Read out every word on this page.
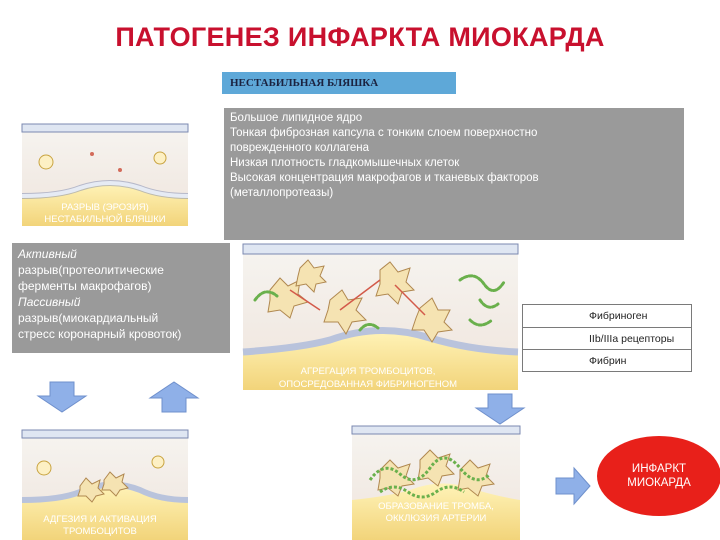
ПАТОГЕНЕЗ ИНФАРКТА МИОКАРДА
НЕСТАБИЛЬНАЯ БЛЯШКА
Большое липидное ядро
Тонкая фиброзная капсула с тонким слоем поверхностно
поврежденного коллагена
Низкая плотность гладкомышечных клеток
Высокая концентрация макрофагов и тканевых факторов
(металлопротеазы)
Активный
разрыв(протеолитические
ферменты макрофагов)
Пассивный
разрыв(миокардиальный
стресс коронарный кровоток)
РАЗРЫВ (ЭРОЗИЯ)
НЕСТАБИЛЬНОЙ БЛЯШКИ
АГРЕГАЦИЯ ТРОМБОЦИТОВ,
ОПОСРЕДОВАННАЯ ФИБРИНОГЕНОМ
АДГЕЗИЯ И АКТИВАЦИЯ
ТРОМБОЦИТОВ
ОБРАЗОВАНИЕ ТРОМБА,
ОККЛЮЗИЯ АРТЕРИИ
Фибриноген
IIb/IIIa рецепторы
Фибрин
ИНФАРКТ
МИОКАРДА
